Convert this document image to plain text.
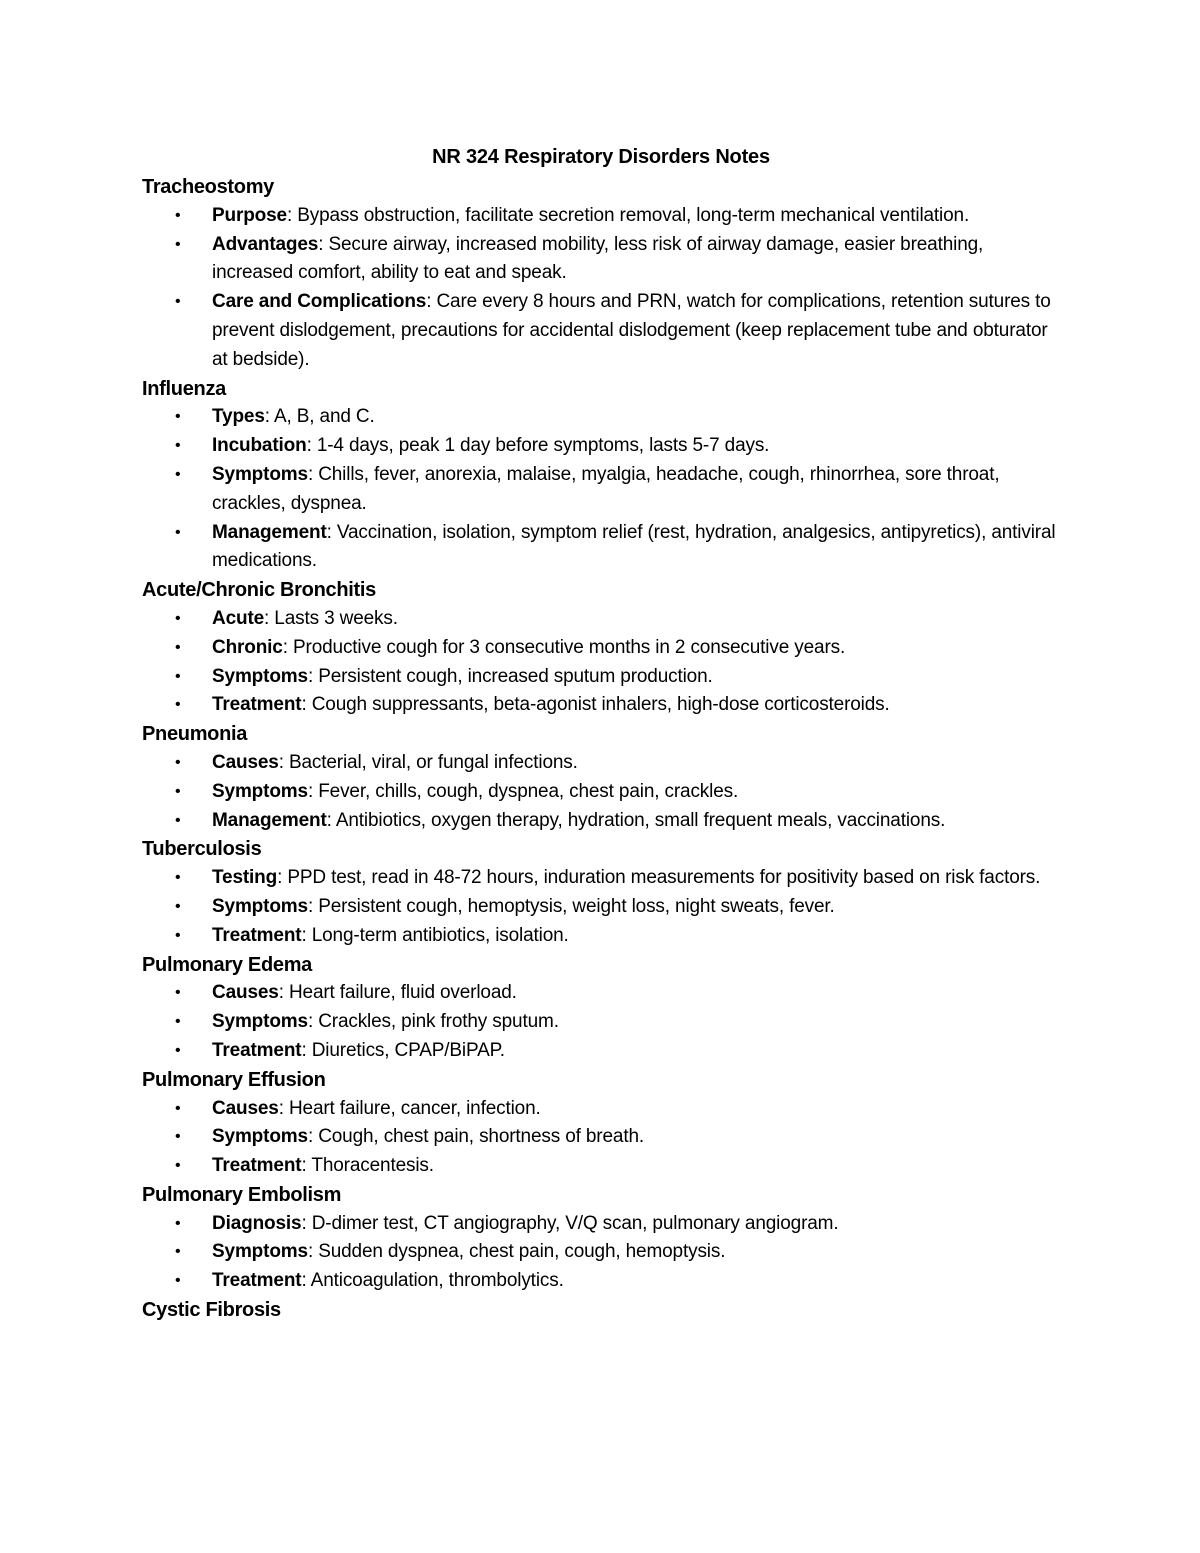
NR 324 Respiratory Disorders Notes
Tracheostomy
• Purpose: Bypass obstruction, facilitate secretion removal, long-term mechanical ventilation.
• Advantages: Secure airway, increased mobility, less risk of airway damage, easier breathing, increased comfort, ability to eat and speak.
• Care and Complications: Care every 8 hours and PRN, watch for complications, retention sutures to prevent dislodgement, precautions for accidental dislodgement (keep replacement tube and obturator at bedside).
Influenza
• Types: A, B, and C.
• Incubation: 1-4 days, peak 1 day before symptoms, lasts 5-7 days.
• Symptoms: Chills, fever, anorexia, malaise, myalgia, headache, cough, rhinorrhea, sore throat, crackles, dyspnea.
• Management: Vaccination, isolation, symptom relief (rest, hydration, analgesics, antipyretics), antiviral medications.
Acute/Chronic Bronchitis
• Acute: Lasts 3 weeks.
• Chronic: Productive cough for 3 consecutive months in 2 consecutive years.
• Symptoms: Persistent cough, increased sputum production.
• Treatment: Cough suppressants, beta-agonist inhalers, high-dose corticosteroids.
Pneumonia
• Causes: Bacterial, viral, or fungal infections.
• Symptoms: Fever, chills, cough, dyspnea, chest pain, crackles.
• Management: Antibiotics, oxygen therapy, hydration, small frequent meals, vaccinations.
Tuberculosis
• Testing: PPD test, read in 48-72 hours, induration measurements for positivity based on risk factors.
• Symptoms: Persistent cough, hemoptysis, weight loss, night sweats, fever.
• Treatment: Long-term antibiotics, isolation.
Pulmonary Edema
• Causes: Heart failure, fluid overload.
• Symptoms: Crackles, pink frothy sputum.
• Treatment: Diuretics, CPAP/BiPAP.
Pulmonary Effusion
• Causes: Heart failure, cancer, infection.
• Symptoms: Cough, chest pain, shortness of breath.
• Treatment: Thoracentesis.
Pulmonary Embolism
• Diagnosis: D-dimer test, CT angiography, V/Q scan, pulmonary angiogram.
• Symptoms: Sudden dyspnea, chest pain, cough, hemoptysis.
• Treatment: Anticoagulation, thrombolytics.
Cystic Fibrosis
